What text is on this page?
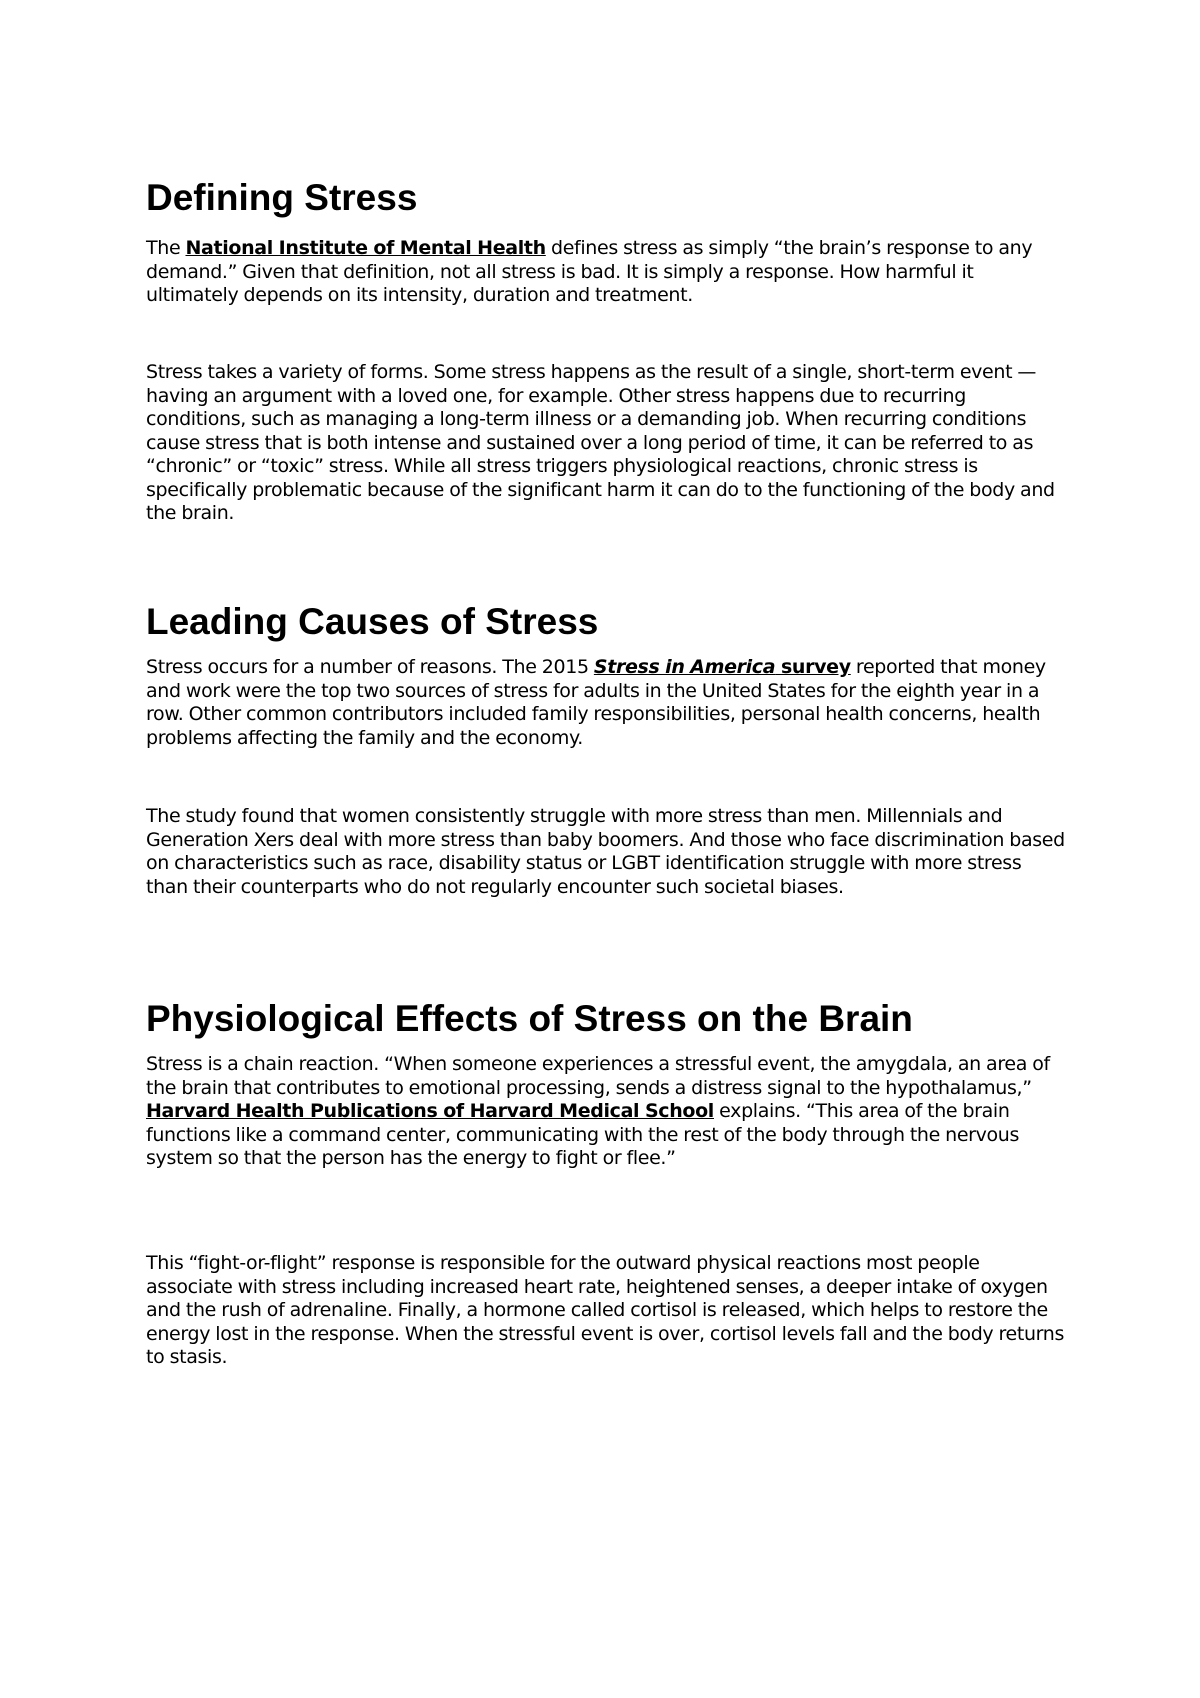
Defining Stress

The National Institute of Mental Health defines stress as simply “the brain’s response to any demand.” Given that definition, not all stress is bad. It is simply a response. How harmful it ultimately depends on its intensity, duration and treatment.

Stress takes a variety of forms. Some stress happens as the result of a single, short-term event — having an argument with a loved one, for example. Other stress happens due to recurring conditions, such as managing a long-term illness or a demanding job. When recurring conditions cause stress that is both intense and sustained over a long period of time, it can be referred to as “chronic” or “toxic” stress. While all stress triggers physiological reactions, chronic stress is specifically problematic because of the significant harm it can do to the functioning of the body and the brain.

Leading Causes of Stress

Stress occurs for a number of reasons. The 2015 Stress in America survey reported that money and work were the top two sources of stress for adults in the United States for the eighth year in a row. Other common contributors included family responsibilities, personal health concerns, health problems affecting the family and the economy.

The study found that women consistently struggle with more stress than men. Millennials and Generation Xers deal with more stress than baby boomers. And those who face discrimination based on characteristics such as race, disability status or LGBT identification struggle with more stress than their counterparts who do not regularly encounter such societal biases.

Physiological Effects of Stress on the Brain

Stress is a chain reaction. “When someone experiences a stressful event, the amygdala, an area of the brain that contributes to emotional processing, sends a distress signal to the hypothalamus,” Harvard Health Publications of Harvard Medical School explains. “This area of the brain functions like a command center, communicating with the rest of the body through the nervous system so that the person has the energy to fight or flee.”

This “fight-or-flight” response is responsible for the outward physical reactions most people associate with stress including increased heart rate, heightened senses, a deeper intake of oxygen and the rush of adrenaline. Finally, a hormone called cortisol is released, which helps to restore the energy lost in the response. When the stressful event is over, cortisol levels fall and the body returns to stasis.
